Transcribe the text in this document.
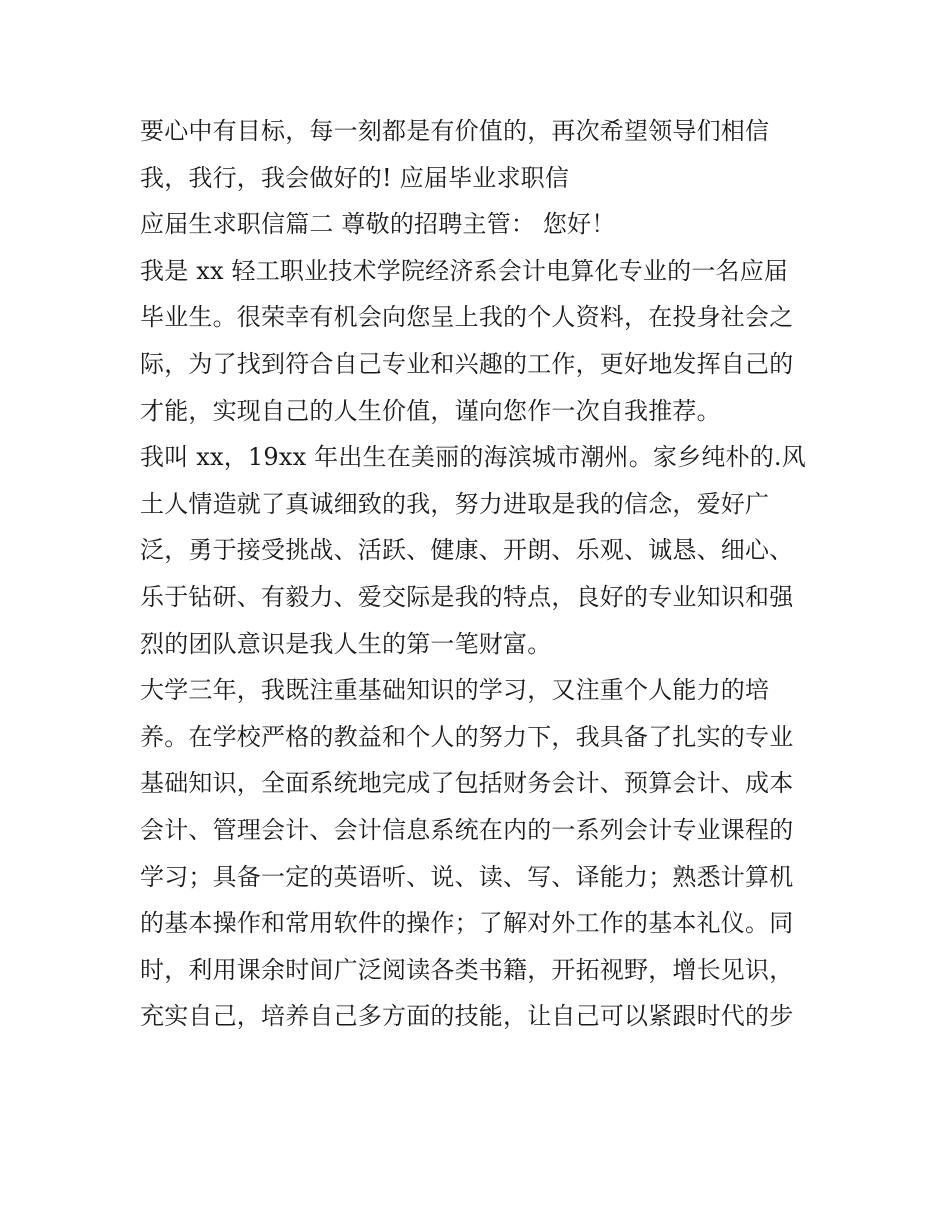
要心中有目标，每一刻都是有价值的，再次希望领导们相信
我，我行，我会做好的! 应届毕业求职信
应届生求职信篇二 尊敬的招聘主管： 您好！
我是 xx 轻工职业技术学院经济系会计电算化专业的一名应届
毕业生。很荣幸有机会向您呈上我的个人资料，在投身社会之
际，为了找到符合自己专业和兴趣的工作，更好地发挥自己的
才能，实现自己的人生价值，谨向您作一次自我推荐。
我叫 xx，19xx 年出生在美丽的海滨城市潮州。家乡纯朴的.风
土人情造就了真诚细致的我，努力进取是我的信念，爱好广
泛，勇于接受挑战、活跃、健康、开朗、乐观、诚恳、细心、
乐于钻研、有毅力、爱交际是我的特点，良好的专业知识和强
烈的团队意识是我人生的第一笔财富。
大学三年，我既注重基础知识的学习，又注重个人能力的培
养。在学校严格的教益和个人的努力下，我具备了扎实的专业
基础知识，全面系统地完成了包括财务会计、预算会计、成本
会计、管理会计、会计信息系统在内的一系列会计专业课程的
学习；具备一定的英语听、说、读、写、译能力；熟悉计算机
的基本操作和常用软件的操作；了解对外工作的基本礼仪。同
时，利用课余时间广泛阅读各类书籍，开拓视野，增长见识，
充实自己，培养自己多方面的技能，让自己可以紧跟时代的步
